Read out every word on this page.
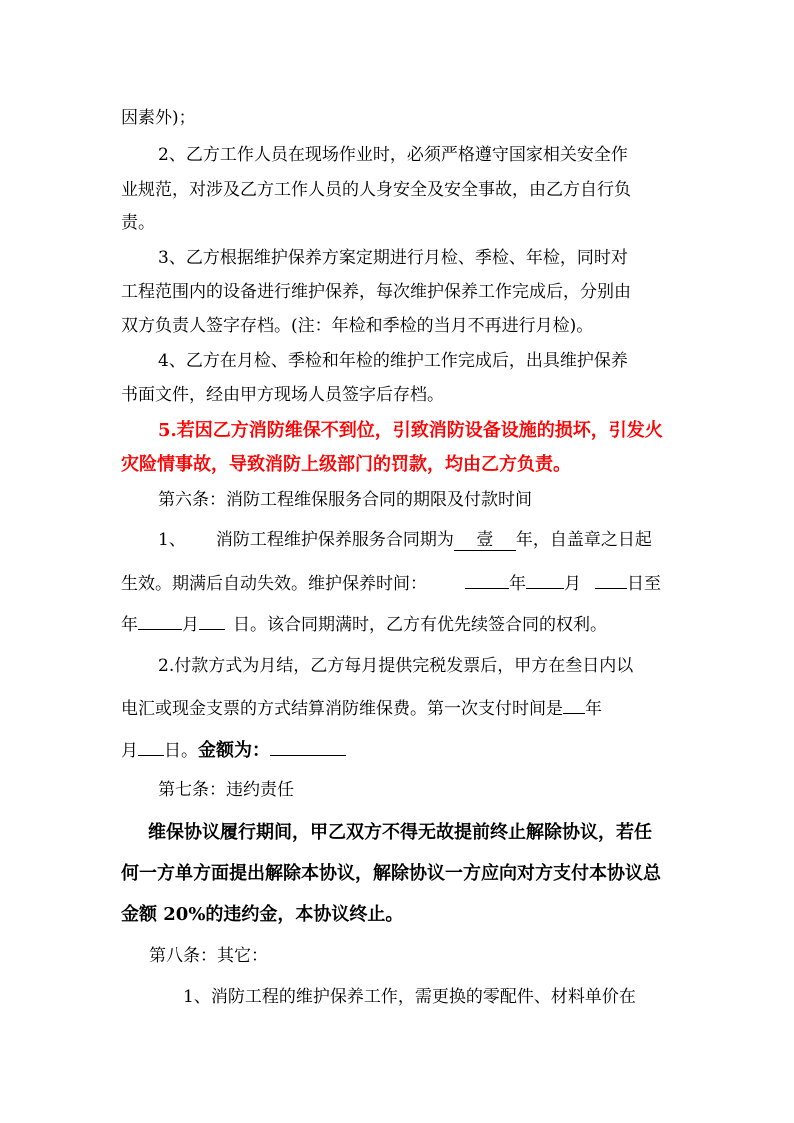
因素外)；
2、乙方工作人员在现场作业时，必须严格遵守国家相关安全作
业规范，对涉及乙方工作人员的人身安全及安全事故，由乙方自行负
责。
3、乙方根据维护保养方案定期进行月检、季检、年检，同时对
工程范围内的设备进行维护保养，每次维护保养工作完成后，分别由
双方负责人签字存档。(注：年检和季检的当月不再进行月检)。
4、乙方在月检、季检和年检的维护工作完成后，出具维护保养
书面文件，经由甲方现场人员签字后存档。
5.若因乙方消防维保不到位，引致消防设备设施的损坏，引发火
灾险情事故，导致消防上级部门的罚款，均由乙方负责。
第六条：消防工程维保服务合同的期限及付款时间
1、 消防工程维护保养服务合同期为 壹 年，自盖章之日起
生效。期满后自动失效。维护保养时间：	年 月	日至
年	月 日。该合同期满时，乙方有优先续签合同的权利。
2.付款方式为月结，乙方每月提供完税发票后，甲方在叁日内以
电汇或现金支票的方式结算消防维保费。第一次支付时间是 年
月 日。金额为：
第七条：违约责任
维保协议履行期间，甲乙双方不得无故提前终止解除协议，若任
何一方单方面提出解除本协议，解除协议一方应向对方支付本协议总
金额 20%的违约金，本协议终止。
第八条：其它：
1、消防工程的维护保养工作，需更换的零配件、材料单价在
